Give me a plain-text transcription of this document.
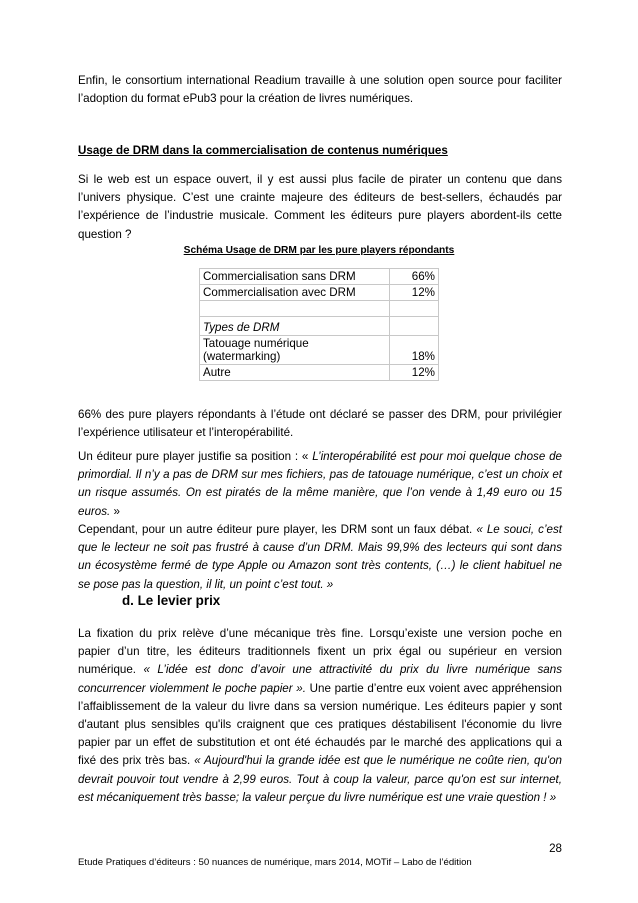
Enfin, le consortium international Readium travaille à une solution open source pour faciliter l’adoption du format ePub3 pour la création de livres numériques.
Usage de DRM dans la commercialisation de contenus numériques
Si le web est un espace ouvert, il y est aussi plus facile de pirater un contenu que dans l’univers physique. C’est une crainte majeure des éditeurs de best-sellers, échaudés par l’expérience de l’industrie musicale. Comment les éditeurs pure players abordent-ils cette question ?
Schéma Usage de DRM par les pure players répondants
Commercialisation sans DRM	66%
Commercialisation avec DRM	12%

Types de DRM	

Tatouage numérique
(watermarking)	18%
Autre	12%
66% des pure players répondants à l’étude ont déclaré se passer des DRM, pour privilégier l’expérience utilisateur et l’interopérabilité.
Un éditeur pure player justifie sa position : « L’interopérabilité est pour moi quelque chose de primordial. Il n’y a pas de DRM sur mes fichiers, pas de tatouage numérique, c’est un choix et un risque assumés. On est piratés de la même manière, que l’on vende à 1,49 euro ou 15 euros. »
Cependant, pour un autre éditeur pure player, les DRM sont un faux débat. « Le souci, c’est que le lecteur ne soit pas frustré à cause d’un DRM. Mais 99,9% des lecteurs qui sont dans un écosystème fermé de type Apple ou Amazon sont très contents, (…) le client habituel ne se pose pas la question, il lit, un point c’est tout. »
d. Le levier prix
La fixation du prix relève d’une mécanique très fine. Lorsqu’existe une version poche en papier d’un titre, les éditeurs traditionnels fixent un prix égal ou supérieur en version numérique. « L’idée est donc d’avoir une attractivité du prix du livre numérique sans concurrencer violemment le poche papier ». Une partie d’entre eux voient avec appréhension l’affaiblissement de la valeur du livre dans sa version numérique. Les éditeurs papier y sont d'autant plus sensibles qu'ils craignent que ces pratiques déstabilisent l'économie du livre papier par un effet de substitution et ont été échaudés par le marché des applications qui a fixé des prix très bas. « Aujourd'hui la grande idée est que le numérique ne coûte rien, qu'on devrait pouvoir tout vendre à 2,99 euros. Tout à coup la valeur, parce qu'on est sur internet, est mécaniquement très basse; la valeur perçue du livre numérique est une vraie question ! »
28
Etude Pratiques d’éditeurs : 50 nuances de numérique, mars 2014, MOTif – Labo de l’édition
